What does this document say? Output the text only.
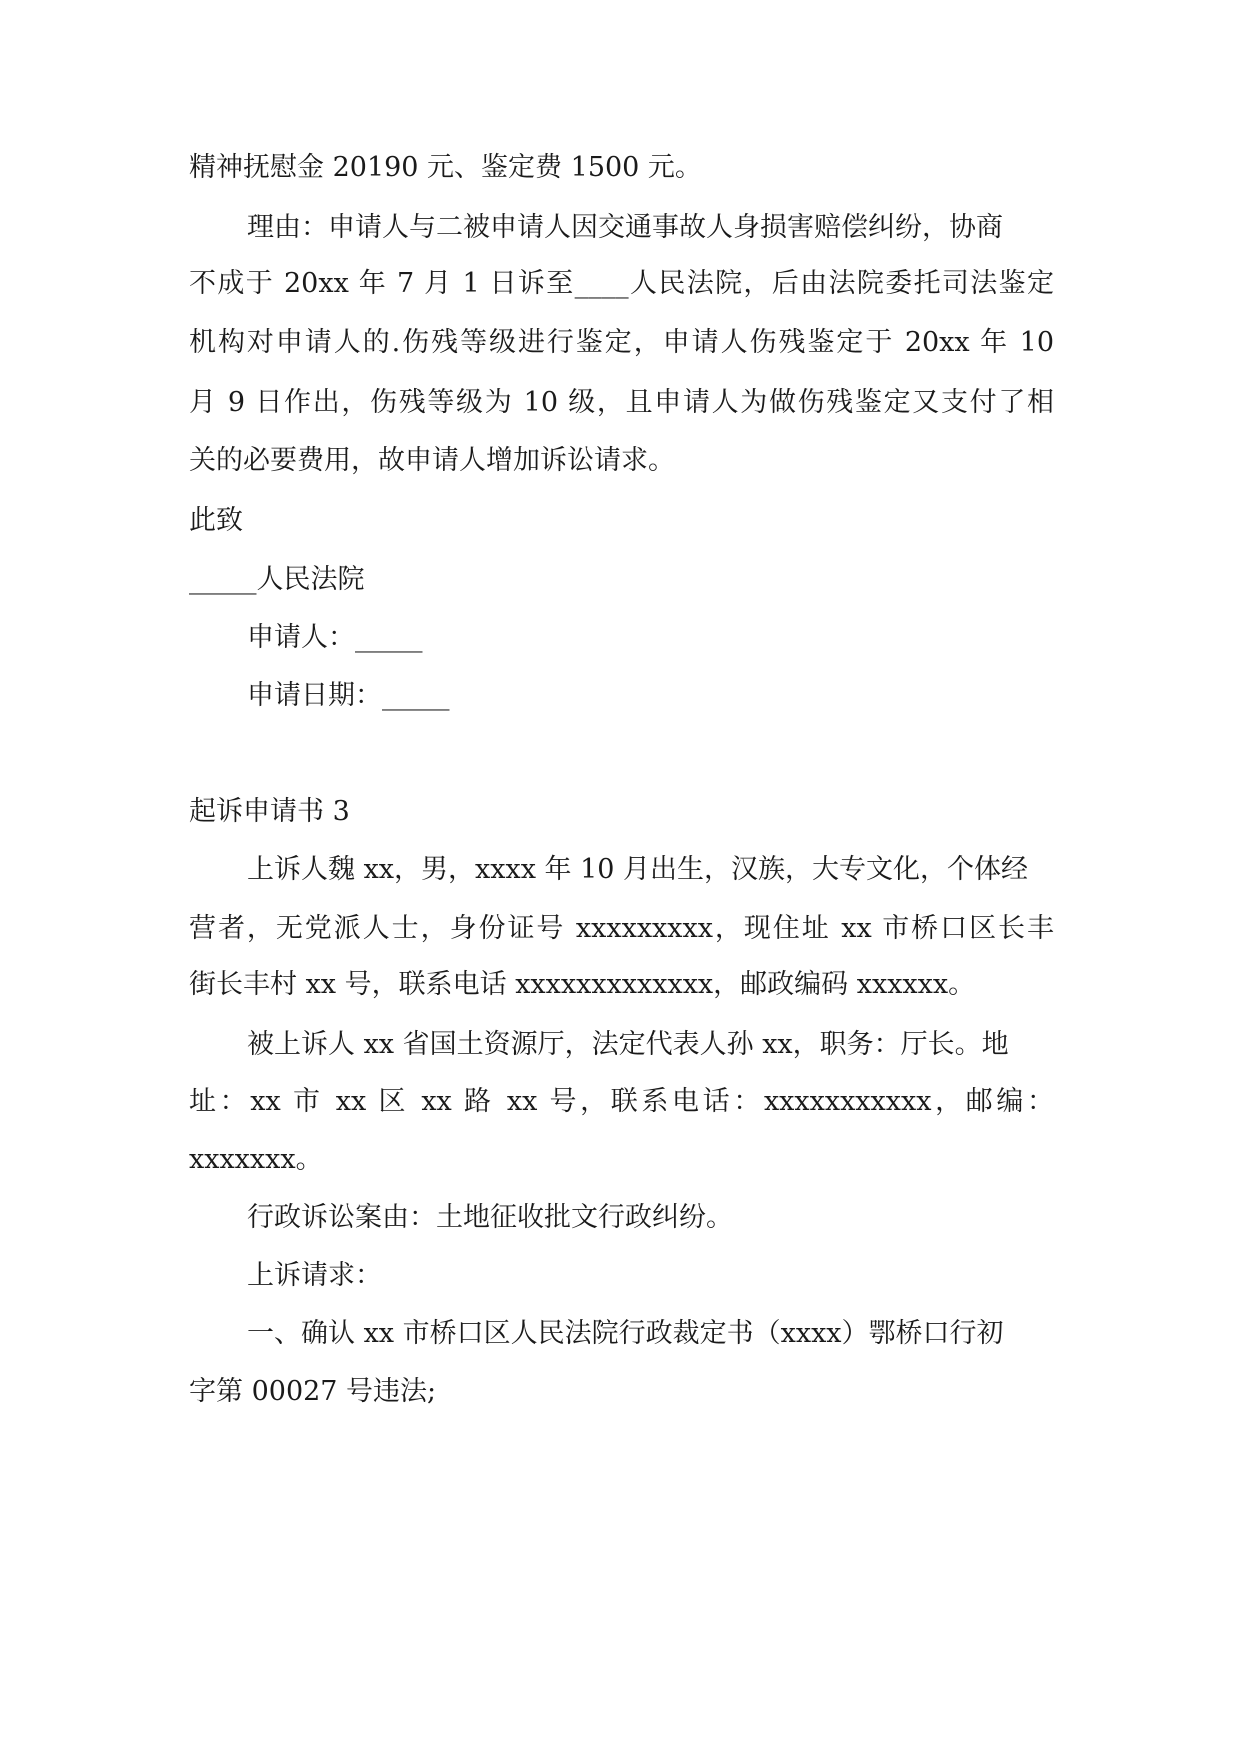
精神抚慰金 20190 元、鉴定费 1500 元。
理由：申请人与二被申请人因交通事故人身损害赔偿纠纷，协商
不成于 20xx 年 7 月 1 日诉至____人民法院，后由法院委托司法鉴定
机构对申请人的.伤残等级进行鉴定，申请人伤残鉴定于 20xx 年 10
月 9 日作出，伤残等级为 10 级，且申请人为做伤残鉴定又支付了相
关的必要费用，故申请人增加诉讼请求。
此致
_____人民法院
申请人：_____
申请日期：_____
起诉申请书 3
上诉人魏 xx，男，xxxx 年 10 月出生，汉族，大专文化，个体经
营者，无党派人士，身份证号 xxxxxxxxx，现住址 xx 市桥口区长丰
街长丰村 xx 号，联系电话 xxxxxxxxxxxxx，邮政编码 xxxxxx。
被上诉人 xx 省国土资源厅，法定代表人孙 xx，职务：厅长。地
址：xx 市 xx 区 xx 路 xx 号，联系电话：xxxxxxxxxxx，邮编：
xxxxxxx。
行政诉讼案由：土地征收批文行政纠纷。
上诉请求：
一、确认 xx 市桥口区人民法院行政裁定书（xxxx）鄂桥口行初
字第 00027 号违法;
